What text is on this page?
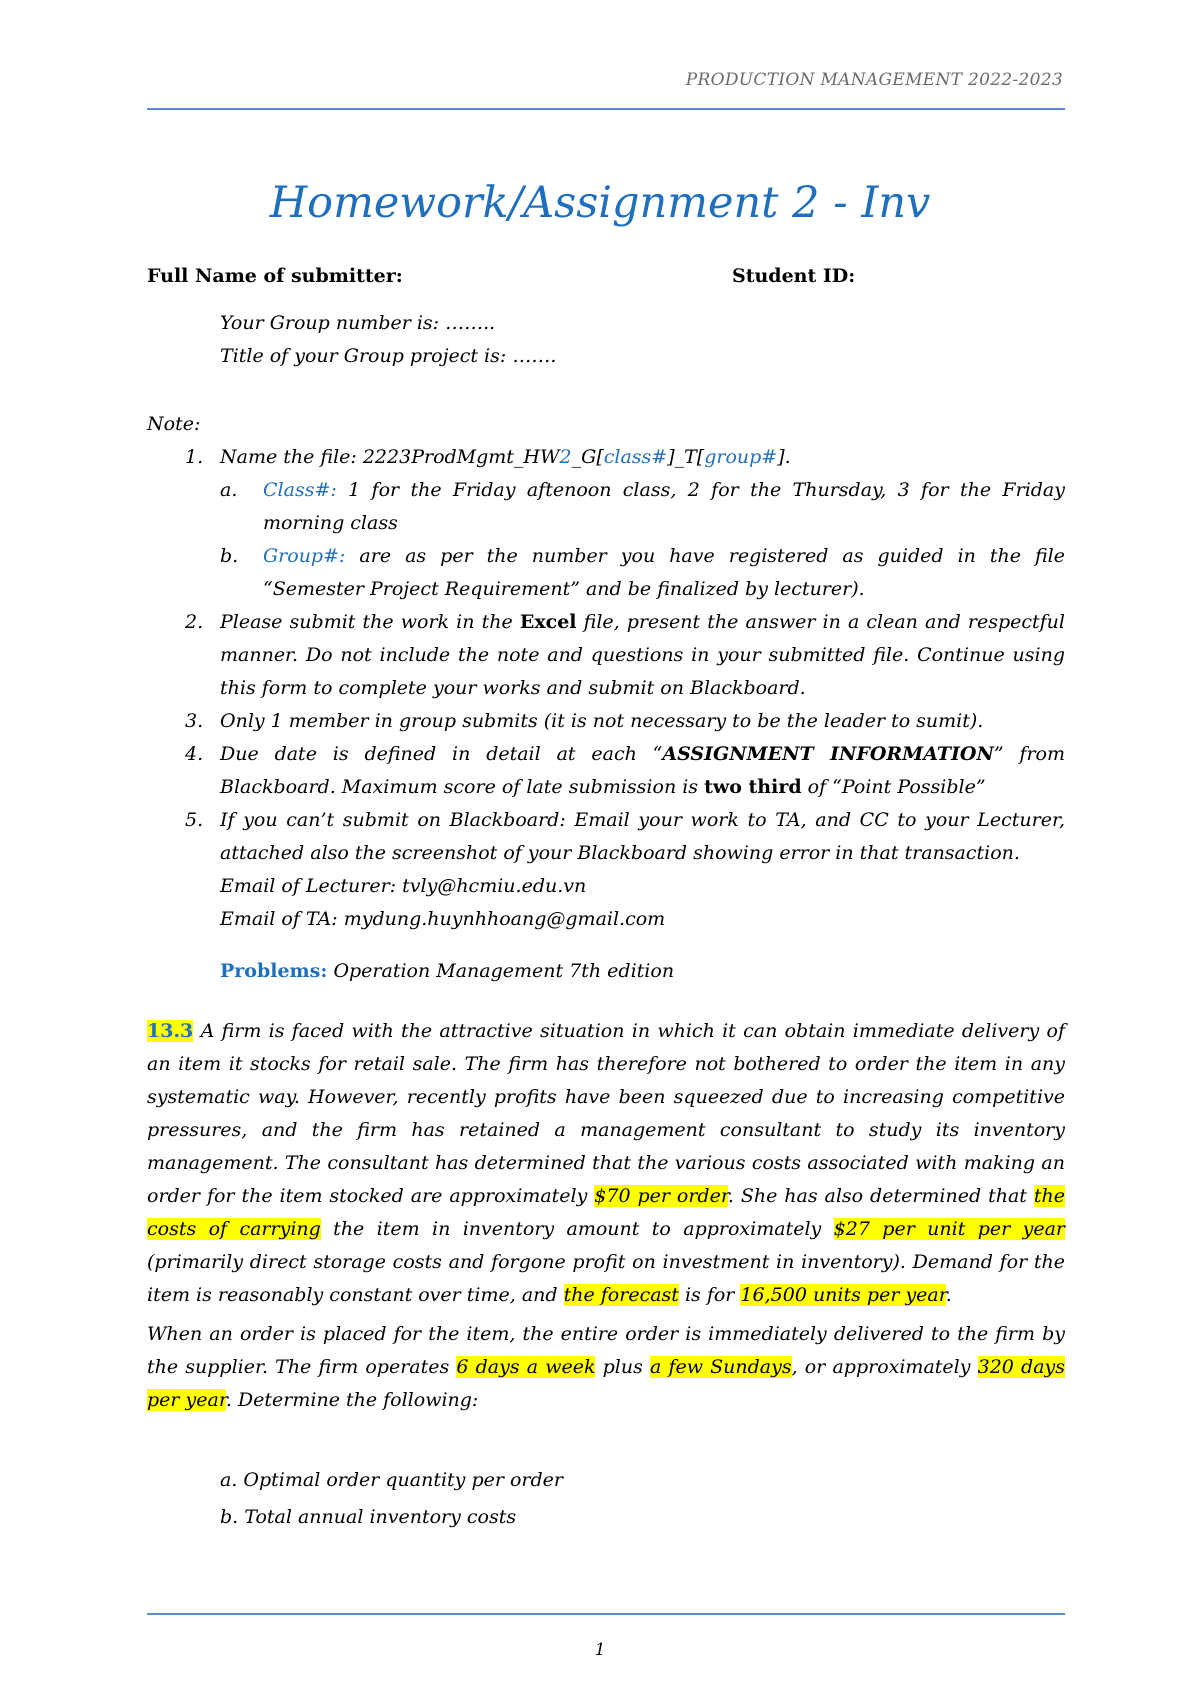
PRODUCTION MANAGEMENT 2022-2023
Homework/Assignment 2 - Inv
Full Name of submitter:	Student ID:
Your Group number is: ……..
Title of your Group project is: …….
Note:
1. Name the file: 2223ProdMgmt_HW2_G[class#]_T[group#].
a. Class#: 1 for the Friday aftenoon class, 2 for the Thursday, 3 for the Friday morning class
b. Group#: are as per the number you have registered as guided in the file “Semester Project Requirement” and be finalized by lecturer).
2. Please submit the work in the Excel file, present the answer in a clean and respectful manner. Do not include the note and questions in your submitted file. Continue using this form to complete your works and submit on Blackboard.
3. Only 1 member in group submits (it is not necessary to be the leader to sumit).
4. Due date is defined in detail at each “ASSIGNMENT INFORMATION” from Blackboard. Maximum score of late submission is two third of “Point Possible”
5. If you can’t submit on Blackboard: Email your work to TA, and CC to your Lecturer, attached also the screenshot of your Blackboard showing error in that transaction.
Email of Lecturer: tvly@hcmiu.edu.vn
Email of TA: mydung.huynhhoang@gmail.com
Problems: Operation Management 7th edition

13.3 A firm is faced with the attractive situation in which it can obtain immediate delivery of an item it stocks for retail sale. The firm has therefore not bothered to order the item in any systematic way. However, recently profits have been squeezed due to increasing competitive pressures, and the firm has retained a management consultant to study its inventory management. The consultant has determined that the various costs associated with making an order for the item stocked are approximately $70 per order. She has also determined that the costs of carrying the item in inventory amount to approximately $27 per unit per year (primarily direct storage costs and forgone profit on investment in inventory). Demand for the item is reasonably constant over time, and the forecast is for 16,500 units per year.

When an order is placed for the item, the entire order is immediately delivered to the firm by the supplier. The firm operates 6 days a week plus a few Sundays, or approximately 320 days per year. Determine the following:

a. Optimal order quantity per order
b. Total annual inventory costs
1
